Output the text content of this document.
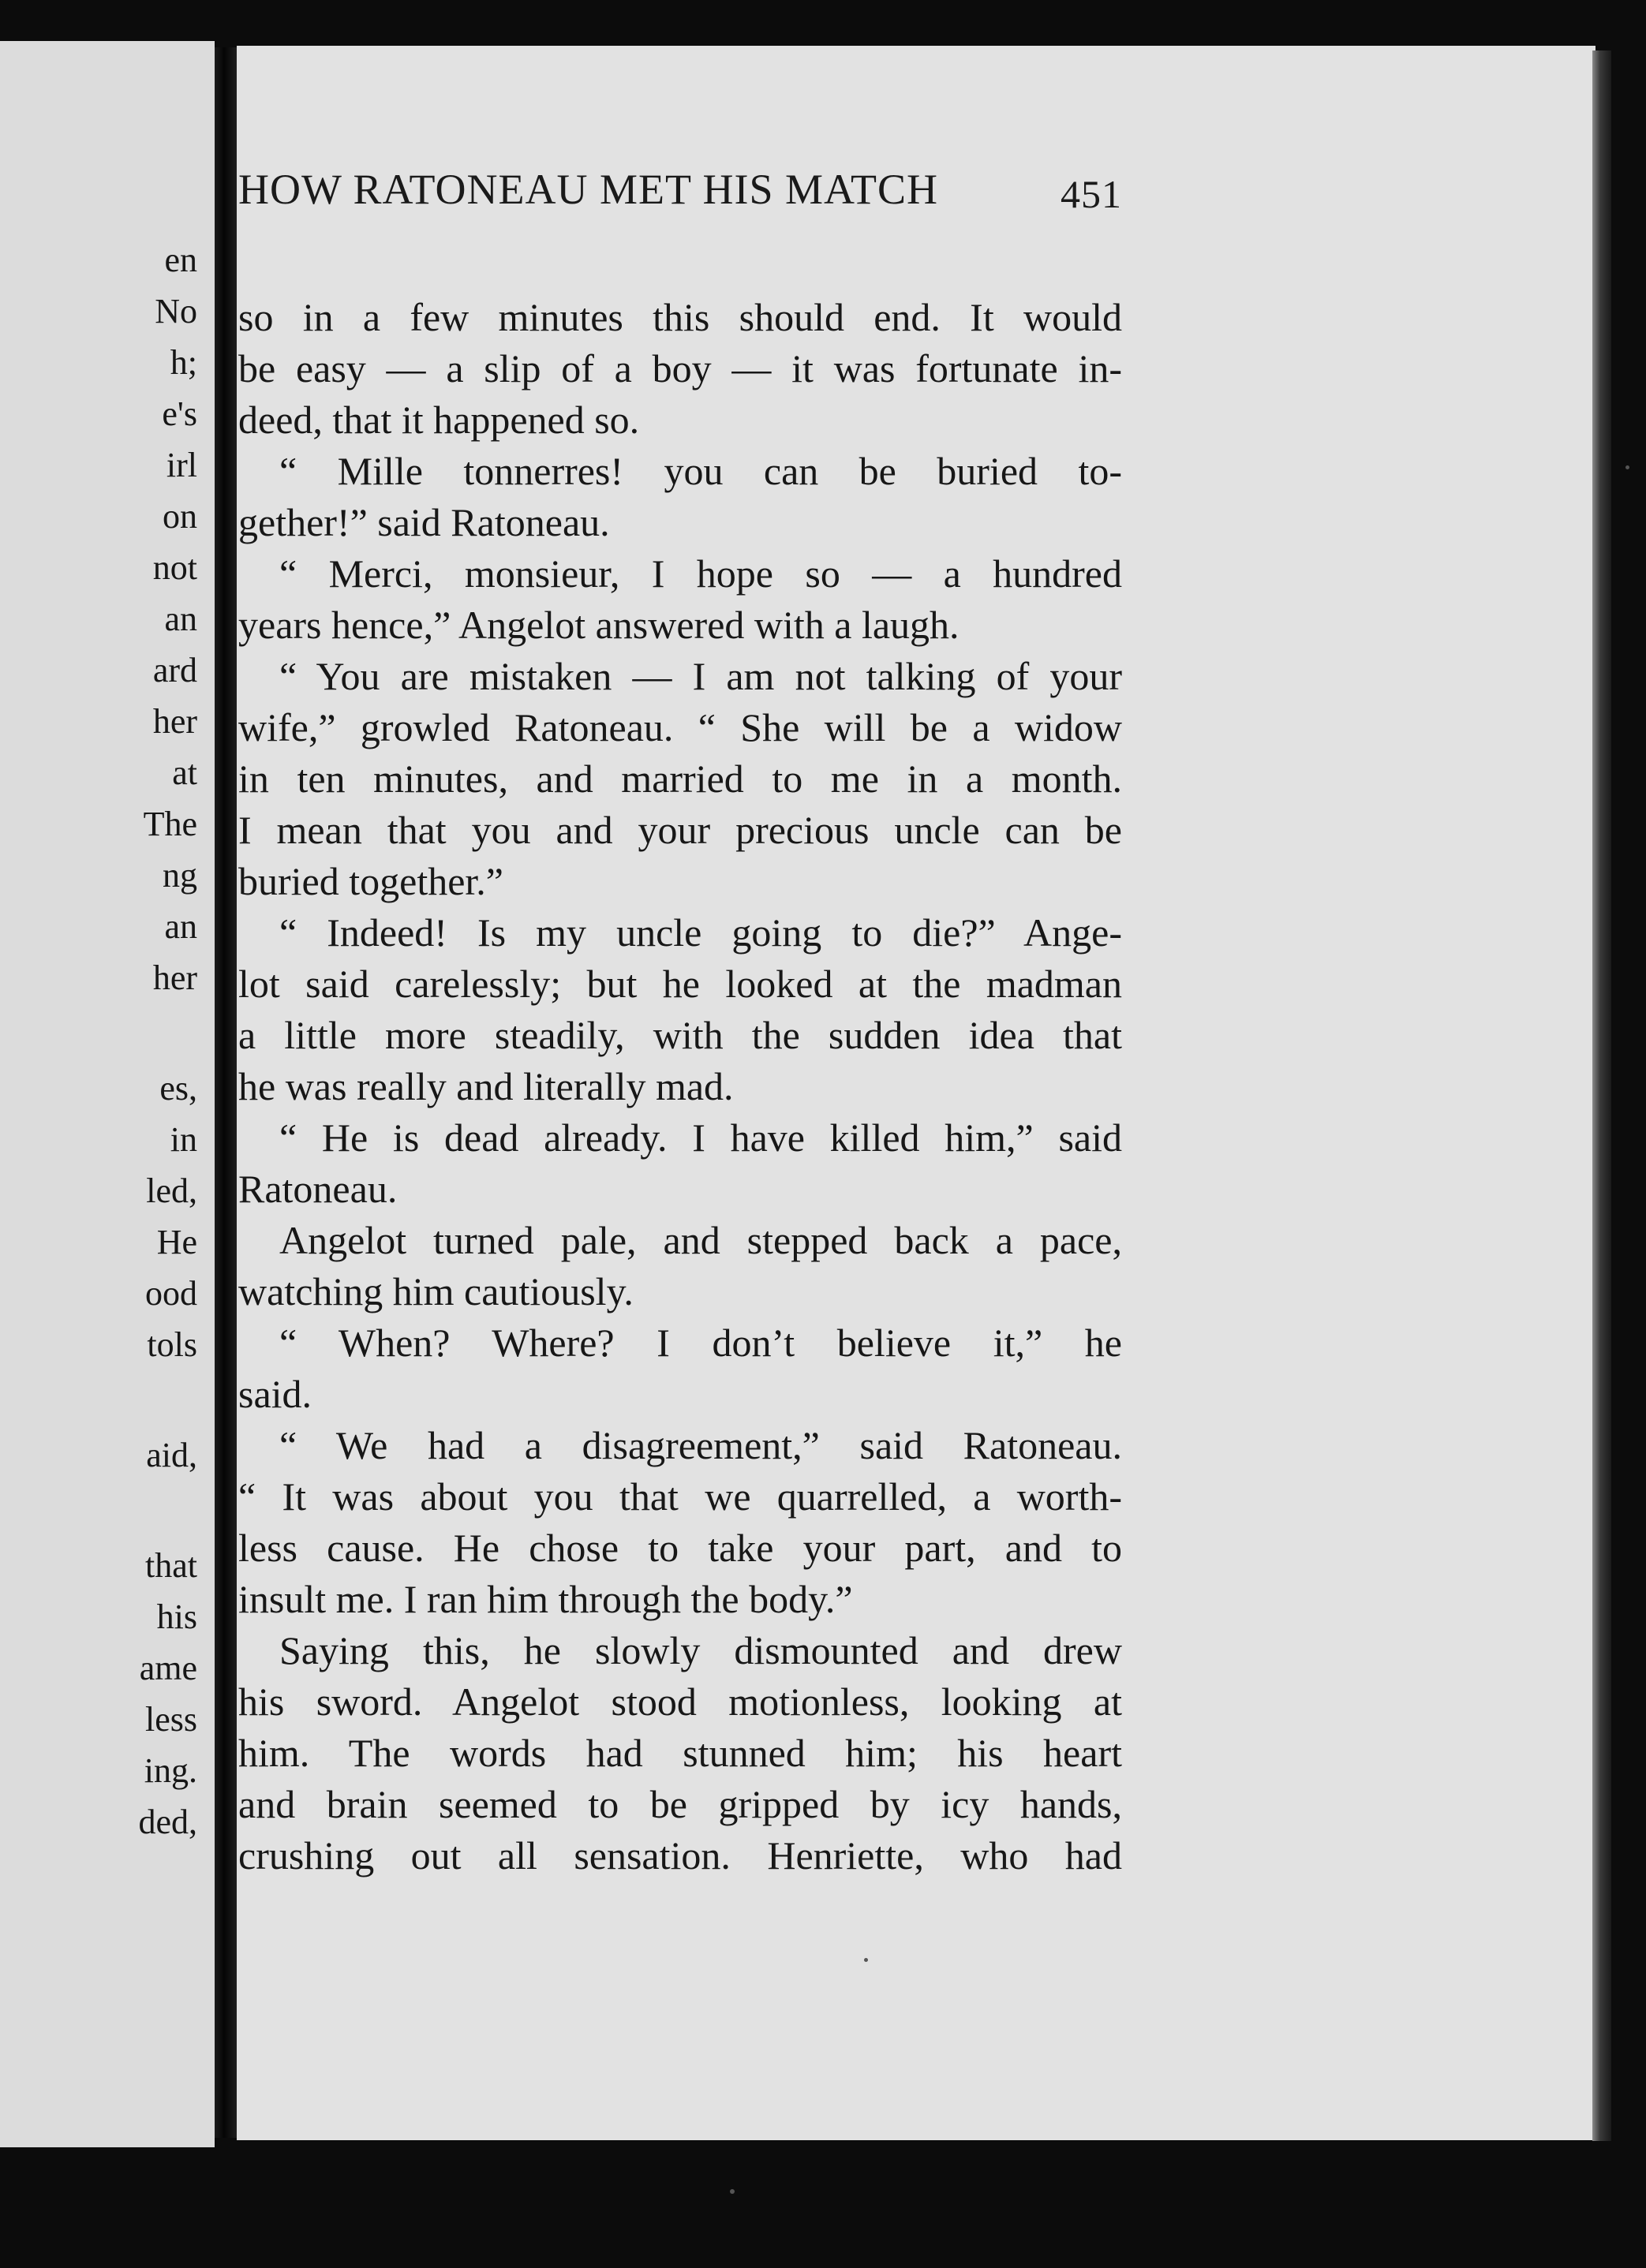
en
No
h;
e's
irl
on
not
an
ard
her
at
The
ng
an
her
es,
in
led,
He
ood
tols
aid,
that
his
ame
less
ing.
ded,
HOW RATONEAU MET HIS MATCH	451
so in a few minutes this should end. It would
be easy — a slip of a boy — it was fortunate in-
deed, that it happened so.
“ Mille tonnerres! you can be buried to-
gether!” said Ratoneau.
“ Merci, monsieur, I hope so — a hundred
years hence,” Angelot answered with a laugh.
“ You are mistaken — I am not talking of your
wife,” growled Ratoneau. “ She will be a widow
in ten minutes, and married to me in a month.
I mean that you and your precious uncle can be
buried together.”
“ Indeed! Is my uncle going to die?” Ange-
lot said carelessly; but he looked at the madman
a little more steadily, with the sudden idea that
he was really and literally mad.
“ He is dead already. I have killed him,” said
Ratoneau.
Angelot turned pale, and stepped back a pace,
watching him cautiously.
“ When? Where? I don’t believe it,” he
said.
“ We had a disagreement,” said Ratoneau.
“ It was about you that we quarrelled, a worth-
less cause. He chose to take your part, and to
insult me. I ran him through the body.”
Saying this, he slowly dismounted and drew
his sword. Angelot stood motionless, looking at
him. The words had stunned him; his heart
and brain seemed to be gripped by icy hands,
crushing out all sensation. Henriette, who had
